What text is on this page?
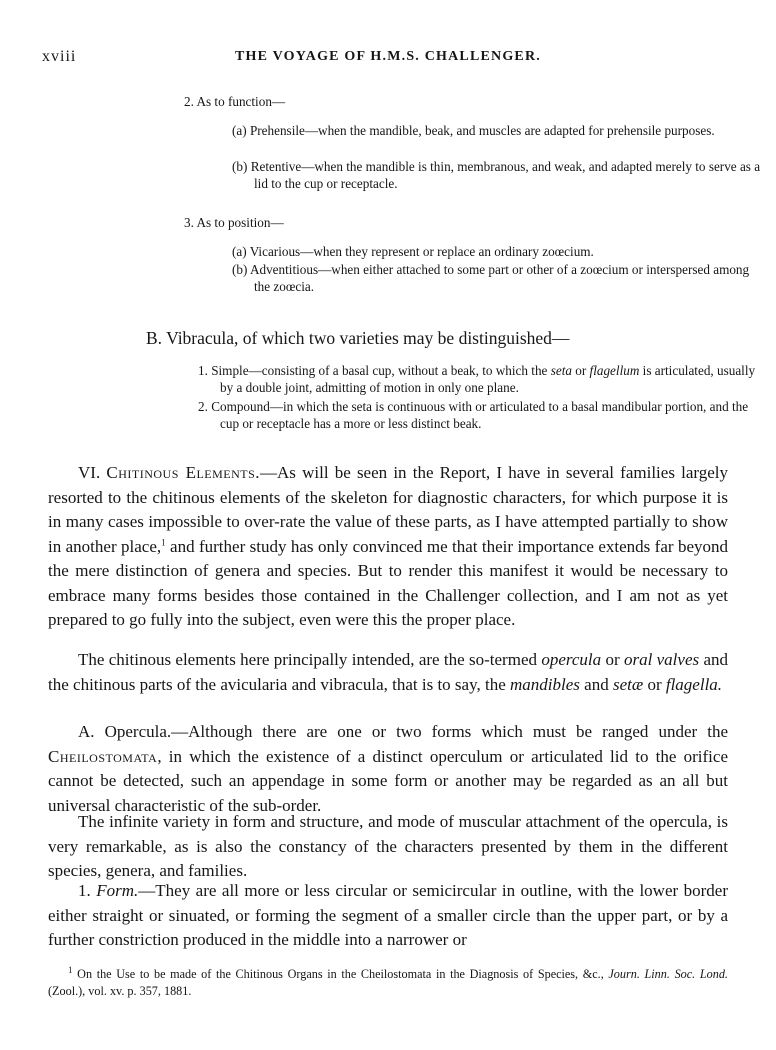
xviii	THE VOYAGE OF H.M.S. CHALLENGER.
2. As to function—
(a) Prehensile—when the mandible, beak, and muscles are adapted for prehensile purposes.
(b) Retentive—when the mandible is thin, membranous, and weak, and adapted merely to serve as a lid to the cup or receptacle.
3. As to position—
(a) Vicarious—when they represent or replace an ordinary zoœcium.
(b) Adventitious—when either attached to some part or other of a zoœcium or interspersed among the zoœcia.
B. Vibracula, of which two varieties may be distinguished—
1. Simple—consisting of a basal cup, without a beak, to which the seta or flagellum is articulated, usually by a double joint, admitting of motion in only one plane.
2. Compound—in which the seta is continuous with or articulated to a basal mandibular portion, and the cup or receptacle has a more or less distinct beak.
VI. Chitinous Elements.—As will be seen in the Report, I have in several families largely resorted to the chitinous elements of the skeleton for diagnostic characters, for which purpose it is in many cases impossible to over-rate the value of these parts, as I have attempted partially to show in another place,$^1$ and further study has only convinced me that their importance extends far beyond the mere distinction of genera and species. But to render this manifest it would be necessary to embrace many forms besides those contained in the Challenger collection, and I am not as yet prepared to go fully into the subject, even were this the proper place.
The chitinous elements here principally intended, are the so-termed opercula or oral valves and the chitinous parts of the avicularia and vibracula, that is to say, the mandibles and setæ or flagella.
A. Opercula.—Although there are one or two forms which must be ranged under the Cheilostomata, in which the existence of a distinct operculum or articulated lid to the orifice cannot be detected, such an appendage in some form or another may be regarded as an all but universal characteristic of the sub-order.
The infinite variety in form and structure, and mode of muscular attachment of the opercula, is very remarkable, as is also the constancy of the characters presented by them in the different species, genera, and families.
1. Form.—They are all more or less circular or semicircular in outline, with the lower border either straight or sinuated, or forming the segment of a smaller circle than the upper part, or by a further constriction produced in the middle into a narrower or
$^1$ On the Use to be made of the Chitinous Organs in the Cheilostomata in the Diagnosis of Species, &c., Journ. Linn. Soc. Lond. (Zool.), vol. xv. p. 357, 1881.
